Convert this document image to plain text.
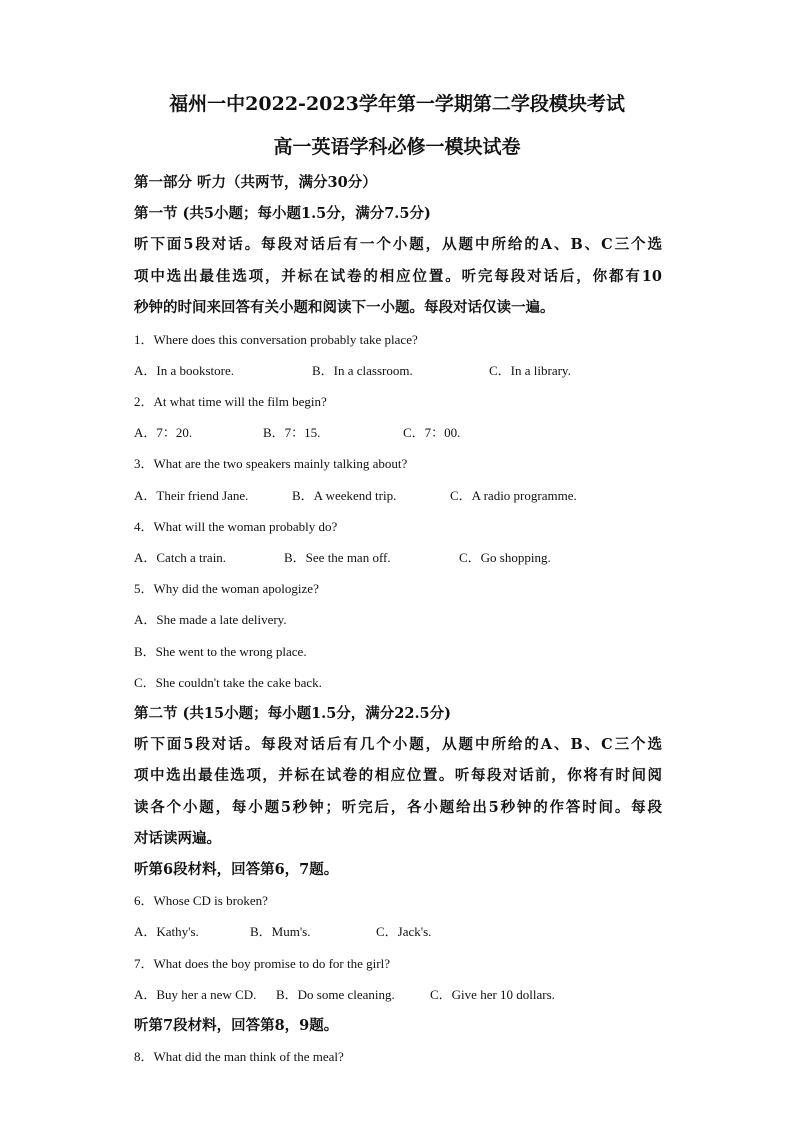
福州一中2022-2023学年第一学期第二学段模块考试
高一英语学科必修一模块试卷
第一部分 听力（共两节，满分30分）
第一节 (共5小题；每小题1.5分，满分7.5分)
听下面5段对话。每段对话后有一个小题，从题中所给的A、B、C三个选
项中选出最佳选项，并标在试卷的相应位置。听完每段对话后，你都有10
秒钟的时间来回答有关小题和阅读下一小题。每段对话仅读一遍。
1．Where does this conversation probably take place?
A．In a bookstore.	B．In a classroom.	C．In a library.
2．At what time will the film begin?
A．7：20.	B．7：15.	C．7：00.
3．What are the two speakers mainly talking about?
A．Their friend Jane.	B．A weekend trip.	C．A radio programme.
4．What will the woman probably do?
A．Catch a train.	B．See the man off.	C．Go shopping.
5．Why did the woman apologize?
A．She made a late delivery.
B．She went to the wrong place.
C．She couldn't take the cake back.
第二节 (共15小题；每小题1.5分，满分22.5分)
听下面5段对话。每段对话后有几个小题，从题中所给的A、B、C三个选
项中选出最佳选项，并标在试卷的相应位置。听每段对话前，你将有时间阅
读各个小题，每小题5秒钟；听完后，各小题给出5秒钟的作答时间。每段
对话读两遍。
听第6段材料，回答第6，7题。
6．Whose CD is broken?
A．Kathy's.	B．Mum's.	C．Jack's.
7．What does the boy promise to do for the girl?
A．Buy her a new CD. B．Do some cleaning.	C．Give her 10 dollars.
听第7段材料，回答第8，9题。
8．What did the man think of the meal?
